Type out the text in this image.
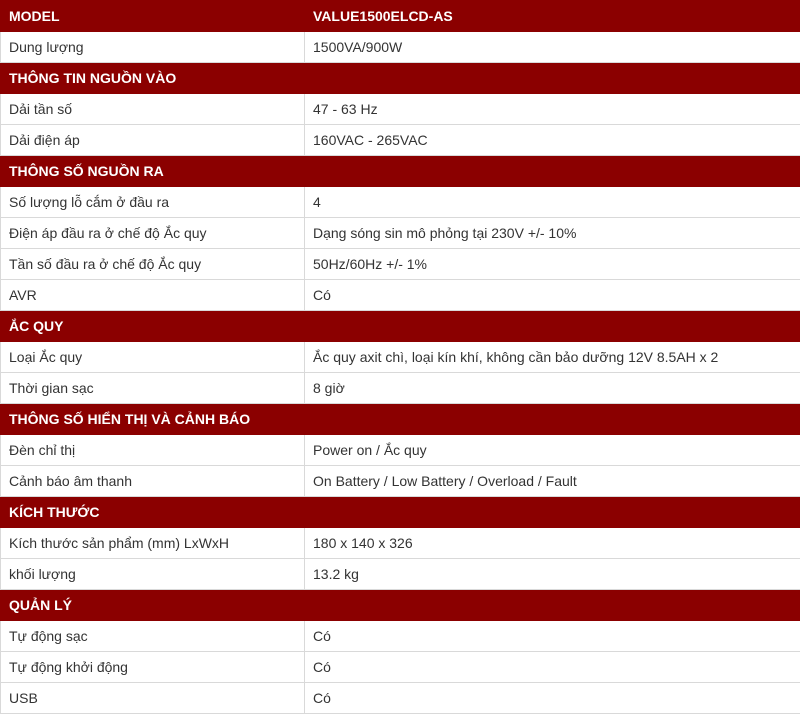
MODEL	VALUE1500ELCD-AS
Dung lượng	1500VA/900W
THÔNG TIN NGUỒN VÀO	
Dải tần số	47 - 63 Hz
Dải điện áp	160VAC - 265VAC
THÔNG SỐ NGUỒN RA	
Số lượng lỗ cắm ở đầu ra	4
Điện áp đầu ra ở chế độ Ắc quy	Dạng sóng sin mô phỏng tại 230V +/- 10%
Tần số đầu ra ở chế độ Ắc quy	50Hz/60Hz +/- 1%
AVR	Có
ẮC QUY	
Loại Ắc quy	Ắc quy axit chì, loại kín khí, không cần bảo dưỡng 12V 8.5AH x 2
Thời gian sạc	8 giờ
THÔNG SỐ HIỂN THỊ VÀ CẢNH BÁO	
Đèn chỉ thị	Power on / Ắc quy
Cảnh báo âm thanh	On Battery / Low Battery / Overload / Fault
KÍCH THƯỚC	
Kích thước sản phẩm (mm) LxWxH	180 x 140 x 326
khối lượng	13.2 kg
QUẢN LÝ	
Tự động sạc	Có
Tự động khởi động	Có
USB	Có
